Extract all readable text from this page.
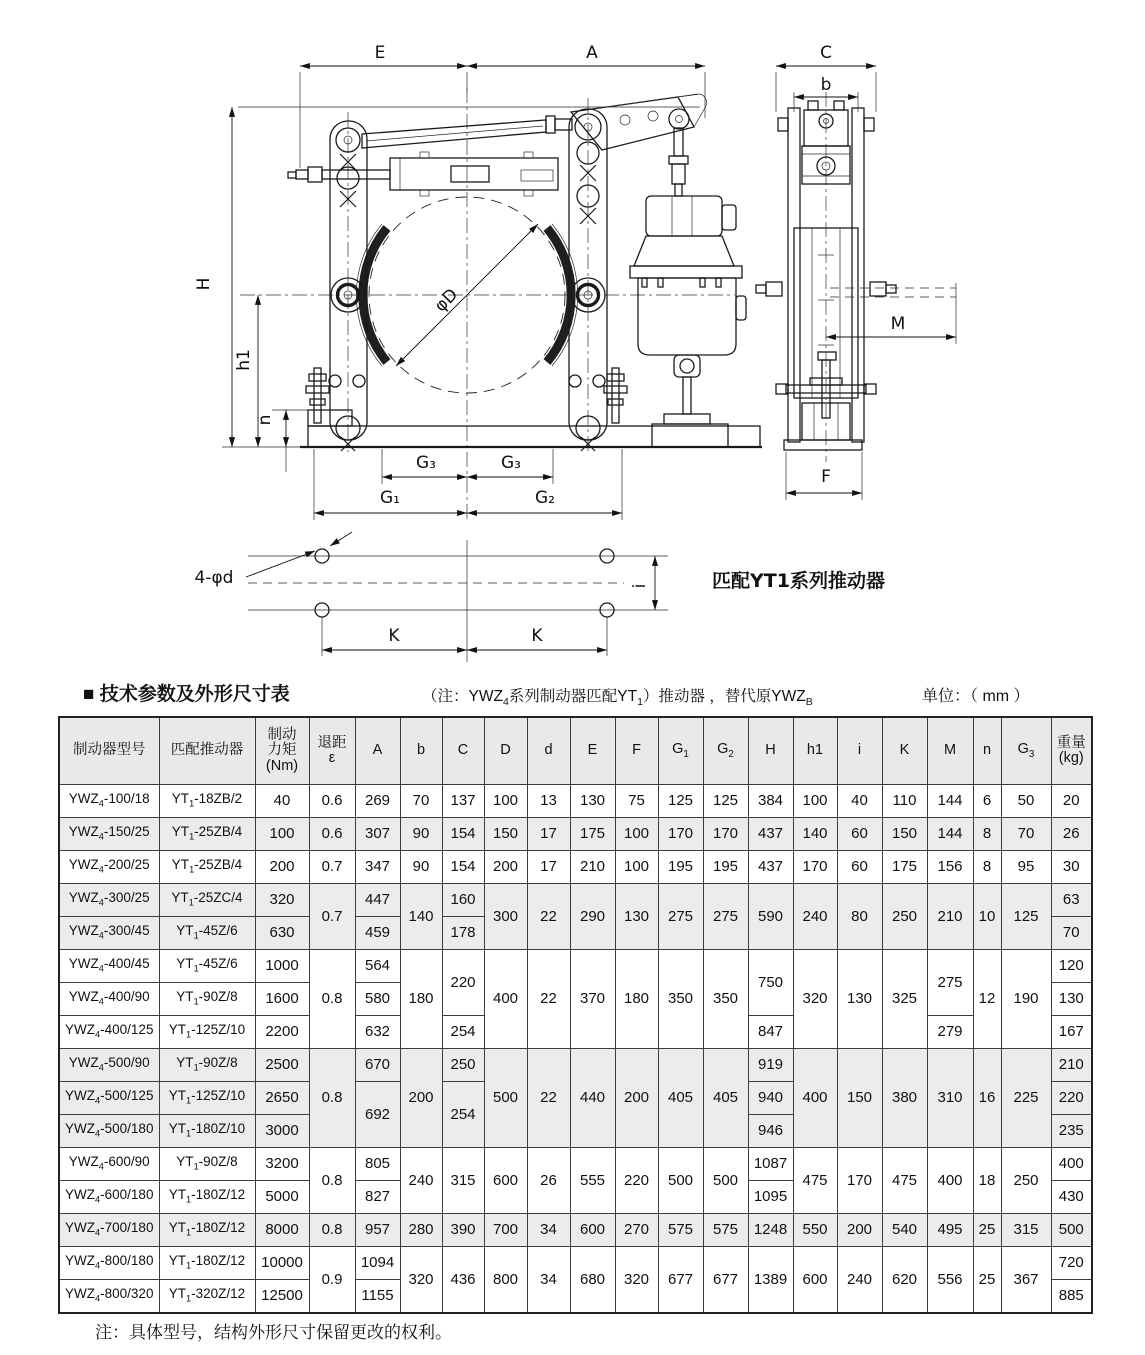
φD
E	A
H
h1
n
G₃	G₃
G₁	G₂
C
b
M
F
4-φd	i
K	K
匹配YT1系列推动器
■ 技术参数及外形尺寸表	（注：$YWZ_4$系列制动器匹配$YT_1$）推动器 ，替代原$YWZ_B$	单位：（ mm ）
制动器型号	匹配推动器	制动
力矩
(Nm)	退距
ε	A	b	C	D	d	E	F	$G_1$	$G_2$	H	h1	i	K	M	n	$G_3$	重量
(kg)
$YWZ_4-100/18$	$YT_1-18ZB/2$	40	0.6	269	70	137	100	13	130	75	125	125	384	100	40	110	144	6	50	20
$YWZ_4-150/25$	$YT_1-25ZB/4$	100	0.6	307	90	154	150	17	175	100	170	170	437	140	60	150	144	8	70	26
$YWZ_4-200/25$	$YT_1-25ZB/4$	200	0.7	347	90	154	200	17	210	100	195	195	437	170	60	175	156	8	95	30
$YWZ_4-300/25$	$YT_1-25ZC/4$	320	0.7	447	140	160	300	22	290	130	275	275	590	240	80	250	210	10	125	63
$YWZ_4-300/45$	$YT_1-45Z/6$	630		459		178														70
$YWZ_4-400/45$	$YT_1-45Z/6$	1000	0.8	564	180	220	400	22	370	180	350	350	750	320	130	325	275	12	190	120
$YWZ_4-400/90$	$YT_1-90Z/8$	1600		580																130
$YWZ_4-400/125$	$YT_1-125Z/10$	2200		632		254							847				279			167
$YWZ_4-500/90$	$YT_1-90Z/8$	2500	0.8	670	200	250	500	22	440	200	405	405	919	400	150	380	310	16	225	210
$YWZ_4-500/125$	$YT_1-125Z/10$	2650		692		254							940							220
$YWZ_4-500/180$	$YT_1-180Z/10$	3000											946							235
$YWZ_4-600/90$	$YT_1-90Z/8$	3200	0.8	805	240	315	600	26	555	220	500	500	1087	475	170	475	400	18	250	400
$YWZ_4-600/180$	$YT_1-180Z/12$	5000		827									1095							430
$YWZ_4-700/180$	$YT_1-180Z/12$	8000	0.8	957	280	390	700	34	600	270	575	575	1248	550	200	540	495	25	315	500
$YWZ_4-800/180$	$YT_1-180Z/12$	10000	0.9	1094	320	436	800	34	680	320	677	677	1389	600	240	620	556	25	367	720
$YWZ_4-800/320$	$YT_1-320Z/12$	12500		1155																885
注：具体型号，结构外形尺寸保留更改的权利。
